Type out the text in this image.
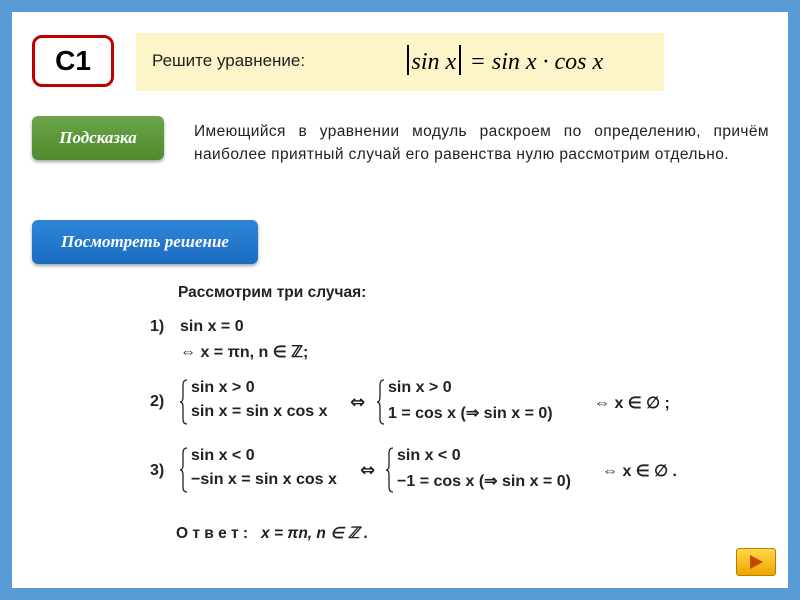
C1	Решите уравнение:	sin x = sin x · cos x
Подсказка	Имеющийся в уравнении модуль раскроем по определению, причём наиболее приятный случай его равенства нулю рассмотрим отдельно.
Посмотреть решение
Рассмотрим три случая:
1) sin x = 0
⇔ x = πn, n ∈ ℤ;
2)
sin x > 0
sin x = sin x cos x ⇔
sin x > 0
1 = cos x (⇒ sin x = 0)
⇔ x ∈ ∅ ;
3)
sin x < 0
−sin x = sin x cos x ⇔
sin x < 0
−1 = cos x (⇒ sin x = 0)
⇔ x ∈ ∅ .
О т в е т : x = πn, n ∈ ℤ .
